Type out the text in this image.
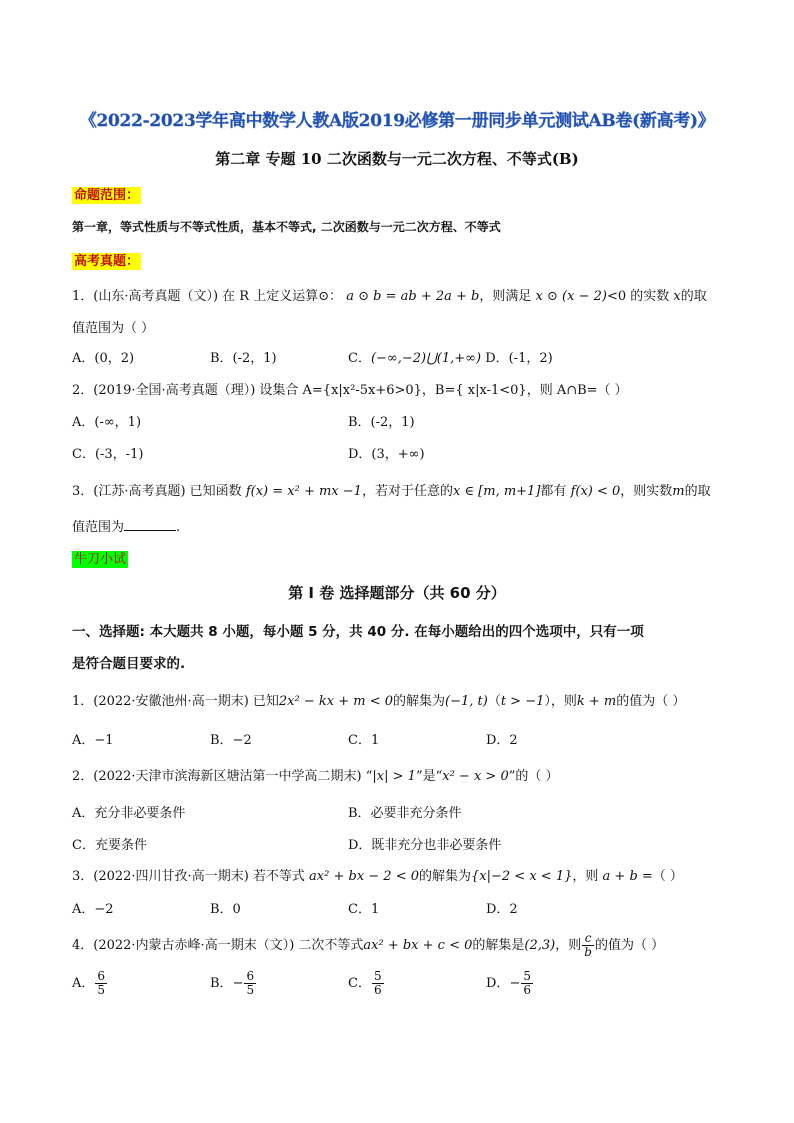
《2022-2023学年高中数学人教A版2019必修第一册同步单元测试AB卷(新高考)》
第二章 专题 10 二次函数与一元二次方程、不等式(B)
命题范围：
第一章，等式性质与不等式性质，基本不等式, 二次函数与一元二次方程、不等式
高考真题：
1．(山东·高考真题（文）) 在 R 上定义运算⊙： a ⊙ b = ab + 2a + b，则满足 x ⊙ (x − 2)<0 的实数 x的取
值范围为（ ）
A．(0，2)	B．(-2，1)	C．(−∞,−2)⋃(1,+∞) D．(-1，2)
2．(2019·全国·高考真题（理）) 设集合 A={x|x²-5x+6>0}，B={ x|x-1<0}，则 A∩B=（ ）
A．(-∞，1)	B．(-2，1)
C．(-3，-1)	D．(3，+∞)
3．(江苏·高考真题) 已知函数 f(x) = x² + mx −1，若对于任意的x ∈ [m, m+1]都有 f(x) < 0，则实数m的取
值范围为	.
牛刀小试
第 I 卷 选择题部分（共 60 分）
一、选择题: 本大题共 8 小题，每小题 5 分，共 40 分. 在每小题给出的四个选项中，只有一项
是符合题目要求的.
1．(2022·安徽池州·高一期末) 已知2x² − kx + m < 0的解集为(−1, t)（t > −1），则k + m的值为（ ）
A．−1	B．−2	C．1	D．2
2．(2022·天津市滨海新区塘沽第一中学高二期末) “|x| > 1”是“x² − x > 0”的（ ）
A．充分非必要条件	B．必要非充分条件
C．充要条件	D．既非充分也非必要条件
3．(2022·四川甘孜·高一期末) 若不等式 ax² + bx − 2 < 0的解集为{x|−2 < x < 1}，则 a + b =（ ）
A．−2	B．0	C．1	D．2
4．(2022·内蒙古赤峰·高一期末（文）) 二次不等式ax² + bx + c < 0的解集是(2,3)，则 $\frac{c}{b}$ 的值为（ ）
A． $\frac{6}{5}$	B．− $\frac{6}{5}$	C． $\frac{5}{6}$	D．− $\frac{5}{6}$
